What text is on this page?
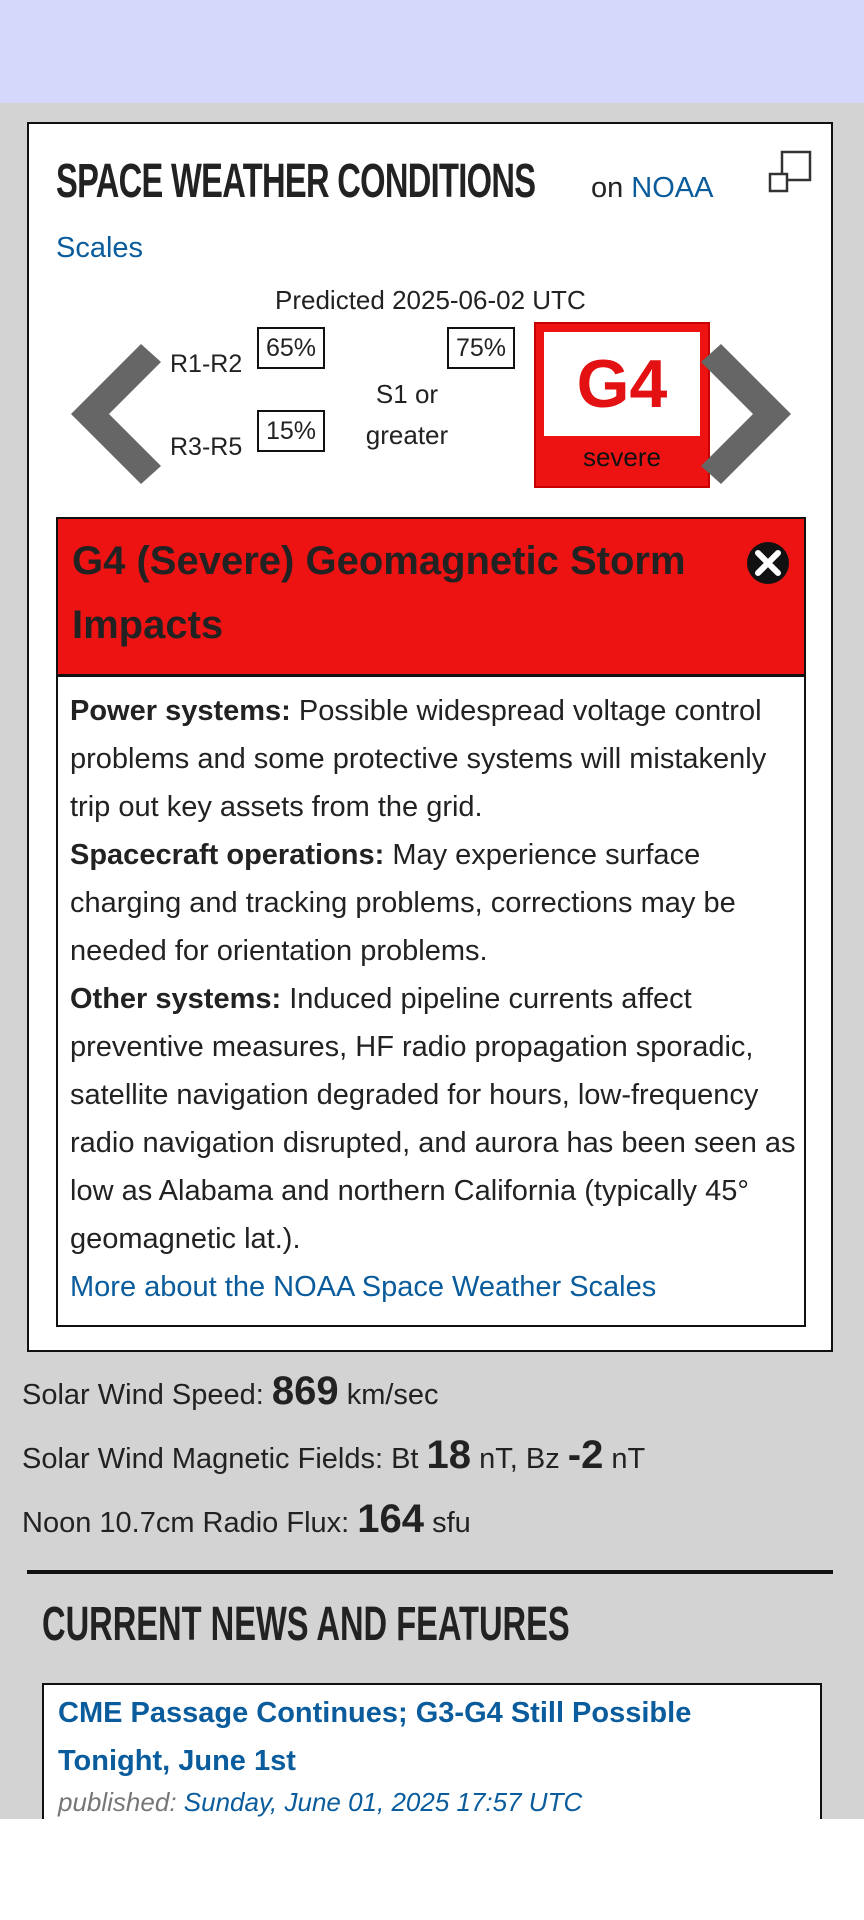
SPACE WEATHER CONDITIONS on NOAA Scales
Predicted 2025-06-02 UTC
R1-R2
65%
R3-R5
15%
75%
S1 or greater
G4
severe
G4 (Severe) Geomagnetic Storm Impacts
Power systems: Possible widespread voltage control problems and some protective systems will mistakenly trip out key assets from the grid.
Spacecraft operations: May experience surface charging and tracking problems, corrections may be needed for orientation problems.
Other systems: Induced pipeline currents affect preventive measures, HF radio propagation sporadic, satellite navigation degraded for hours, low-frequency radio navigation disrupted, and aurora has been seen as low as Alabama and northern California (typically 45° geomagnetic lat.).
More about the NOAA Space Weather Scales
Solar Wind Speed: 869 km/sec
Solar Wind Magnetic Fields: Bt 18 nT, Bz -2 nT
Noon 10.7cm Radio Flux: 164 sfu
CURRENT NEWS AND FEATURES
CME Passage Continues; G3-G4 Still Possible Tonight, June 1st
published: Sunday, June 01, 2025 17:57 UTC
